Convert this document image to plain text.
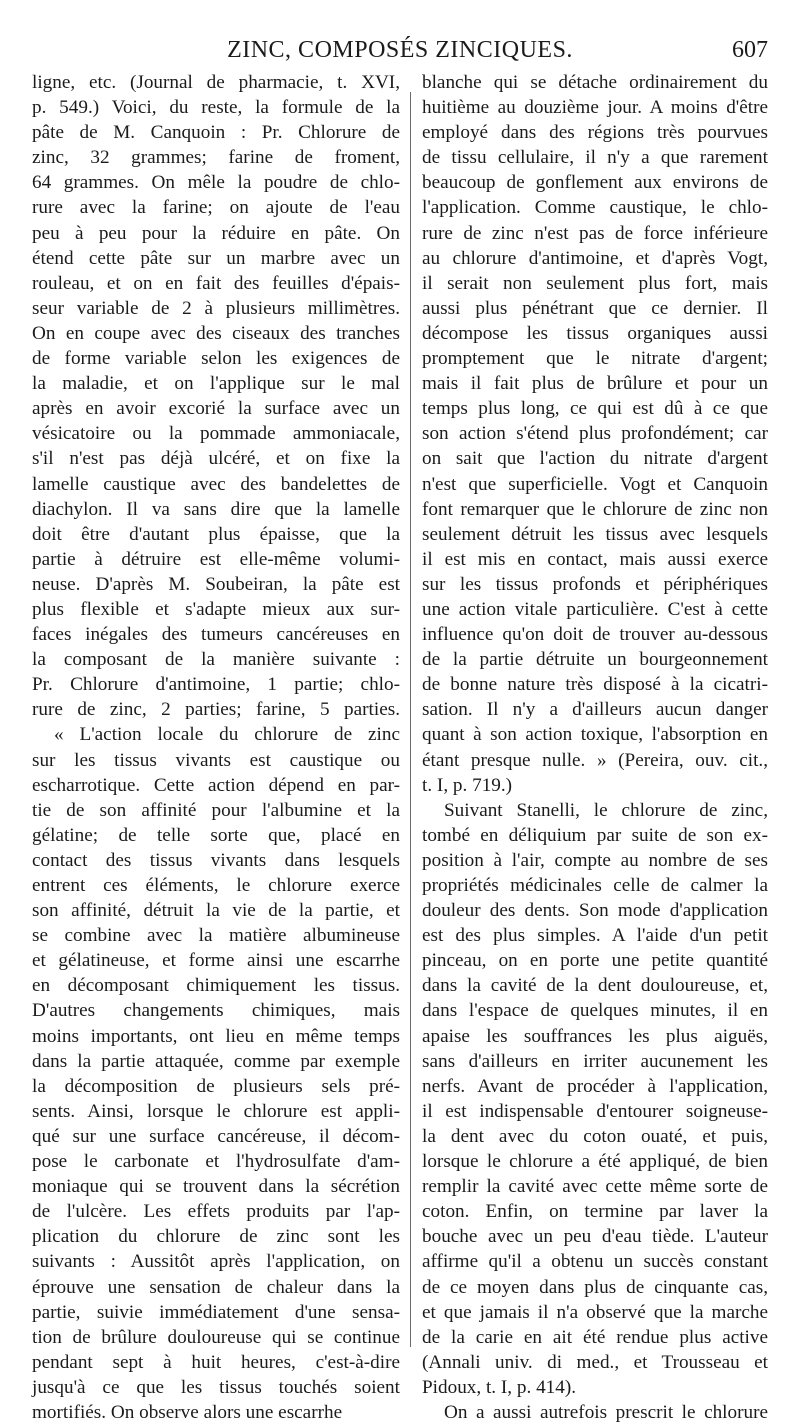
ZINC, COMPOSÉS ZINCIQUES.	607
ligne, etc. (Journal de pharmacie, t. XVI,
p. 549.) Voici, du reste, la formule de la
pâte de M. Canquoin : Pr. Chlorure de
zinc, 32 grammes; farine de froment,
64 grammes. On mêle la poudre de chlo-
rure avec la farine; on ajoute de l'eau
peu à peu pour la réduire en pâte. On
étend cette pâte sur un marbre avec un
rouleau, et on en fait des feuilles d'épais-
seur variable de 2 à plusieurs millimètres.
On en coupe avec des ciseaux des tranches
de forme variable selon les exigences de
la maladie, et on l'applique sur le mal
après en avoir excorié la surface avec un
vésicatoire ou la pommade ammoniacale,
s'il n'est pas déjà ulcéré, et on fixe la
lamelle caustique avec des bandelettes de
diachylon. Il va sans dire que la lamelle
doit être d'autant plus épaisse, que la
partie à détruire est elle-même volumi-
neuse. D'après M. Soubeiran, la pâte est
plus flexible et s'adapte mieux aux sur-
faces inégales des tumeurs cancéreuses en
la composant de la manière suivante :
Pr. Chlorure d'antimoine, 1 partie; chlo-
rure de zinc, 2 parties; farine, 5 parties.
« L'action locale du chlorure de zinc
sur les tissus vivants est caustique ou
escharrotique. Cette action dépend en par-
tie de son affinité pour l'albumine et la
gélatine; de telle sorte que, placé en
contact des tissus vivants dans lesquels
entrent ces éléments, le chlorure exerce
son affinité, détruit la vie de la partie, et
se combine avec la matière albumineuse
et gélatineuse, et forme ainsi une escarrhe
en décomposant chimiquement les tissus.
D'autres changements chimiques, mais
moins importants, ont lieu en même temps
dans la partie attaquée, comme par exemple
la décomposition de plusieurs sels pré-
sents. Ainsi, lorsque le chlorure est appli-
qué sur une surface cancéreuse, il décom-
pose le carbonate et l'hydrosulfate d'am-
moniaque qui se trouvent dans la sécrétion
de l'ulcère. Les effets produits par l'ap-
plication du chlorure de zinc sont les
suivants : Aussitôt après l'application, on
éprouve une sensation de chaleur dans la
partie, suivie immédiatement d'une sensa-
tion de brûlure douloureuse qui se continue
pendant sept à huit heures, c'est-à-dire
jusqu'à ce que les tissus touchés soient
mortifiés. On observe alors une escarrhe
blanche qui se détache ordinairement du
huitième au douzième jour. A moins d'être
employé dans des régions très pourvues
de tissu cellulaire, il n'y a que rarement
beaucoup de gonflement aux environs de
l'application. Comme caustique, le chlo-
rure de zinc n'est pas de force inférieure
au chlorure d'antimoine, et d'après Vogt,
il serait non seulement plus fort, mais
aussi plus pénétrant que ce dernier. Il
décompose les tissus organiques aussi
promptement que le nitrate d'argent;
mais il fait plus de brûlure et pour un
temps plus long, ce qui est dû à ce que
son action s'étend plus profondément; car
on sait que l'action du nitrate d'argent
n'est que superficielle. Vogt et Canquoin
font remarquer que le chlorure de zinc non
seulement détruit les tissus avec lesquels
il est mis en contact, mais aussi exerce
sur les tissus profonds et périphériques
une action vitale particulière. C'est à cette
influence qu'on doit de trouver au-dessous
de la partie détruite un bourgeonnement
de bonne nature très disposé à la cicatri-
sation. Il n'y a d'ailleurs aucun danger
quant à son action toxique, l'absorption en
étant presque nulle. » (Pereira, ouv. cit.,
t. I, p. 719.)
Suivant Stanelli, le chlorure de zinc,
tombé en déliquium par suite de son ex-
position à l'air, compte au nombre de ses
propriétés médicinales celle de calmer la
douleur des dents. Son mode d'application
est des plus simples. A l'aide d'un petit
pinceau, on en porte une petite quantité
dans la cavité de la dent douloureuse, et,
dans l'espace de quelques minutes, il en
apaise les souffrances les plus aiguës,
sans d'ailleurs en irriter aucunement les
nerfs. Avant de procéder à l'application,
il est indispensable d'entourer soigneuse-
la dent avec du coton ouaté, et puis,
lorsque le chlorure a été appliqué, de bien
remplir la cavité avec cette même sorte de
coton. Enfin, on termine par laver la
bouche avec un peu d'eau tiède. L'auteur
affirme qu'il a obtenu un succès constant
de ce moyen dans plus de cinquante cas,
et que jamais il n'a observé que la marche
de la carie en ait été rendue plus active
(Annali univ. di med., et Trousseau et
Pidoux, t. I, p. 414).
On a aussi autrefois prescrit le chlorure
